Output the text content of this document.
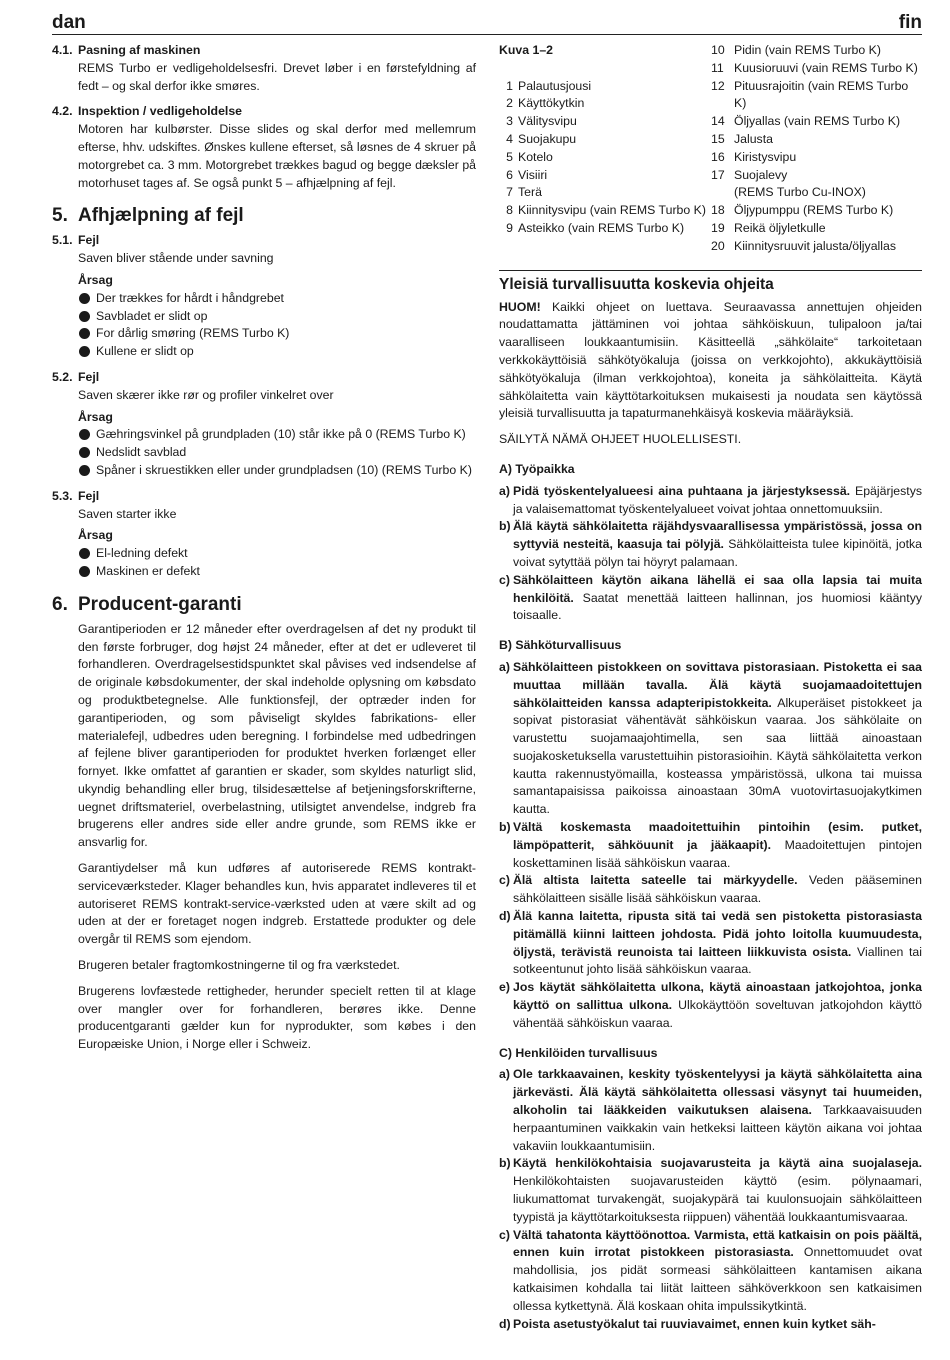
dan	fin
4.1. Pasning af maskinen

REMS Turbo er vedligeholdelsesfri. Drevet løber i en førstefyldning af fedt – og skal derfor ikke smøres.

4.2. Inspektion / vedligeholdelse

Motoren har kulbørster. Disse slides og skal derfor med mellemrum efterse, hhv. udskiftes. Ønskes kullene efterset, så løsnes de 4 skruer på motorgrebet ca. 3 mm. Motorgrebet trækkes bagud og begge dæksler på motorhuset tages af. Se også punkt 5 – afhjælpning af fejl.

5. Afhjælpning af fejl
5.1. Fejl
Saven bliver stående under savning
Årsag
Der trækkes for hårdt i håndgrebet
Savbladet er slidt op
For dårlig smøring (REMS Turbo K)
Kullene er slidt op
5.2. Fejl
Saven skærer ikke rør og profiler vinkelret over
Årsag
Gæhringsvinkel på grundpladen (10) står ikke på 0 (REMS Turbo K)
Nedslidt savblad
Spåner i skruestikken eller under grundpladsen (10) (REMS Turbo K)
5.3. Fejl
Saven starter ikke
Årsag
El-ledning defekt
Maskinen er defekt
6. Producent-garanti

Garantiperioden er 12 måneder efter overdragelsen af det ny produkt til den første forbruger, dog højst 24 måneder, efter at det er udleveret til forhandleren. Overdragelsestidspunktet skal påvises ved indsendelse af de originale købsdokumenter, der skal indeholde oplysning om købsdato og produktbetegnelse. Alle funktionsfejl, der optræder inden for garantiperioden, og som påviseligt skyldes fabrikations- eller materialefejl, udbedres uden beregning. I forbindelse med udbedringen af fejlene bliver garantiperioden for produktet hverken forlænget eller fornyet. Ikke omfattet af garantien er skader, som skyldes naturligt slid, ukyndig behandling eller brug, tilsidesættelse af betjeningsforskrifterne, uegnet driftsmateriel, overbelastning, utilsigtet anvendelse, indgreb fra brugerens eller andres side eller andre grunde, som REMS ikke er ansvarlig for.

Garantiydelser må kun udføres af autoriserede REMS kontrakt-serviceværksteder. Klager behandles kun, hvis apparatet indleveres til et autoriseret REMS kontrakt-service-værksted uden at være skilt ad og uden at der er foretaget nogen indgreb. Erstattede produkter og dele overgår til REMS som ejendom.

Brugeren betaler fragtomkostningerne til og fra værkstedet.

Brugerens lovfæstede rettigheder, herunder specielt retten til at klage over mangler over for forhandleren, berøres ikke. Denne producentgaranti gælder kun for nyprodukter, som købes i den Europæiske Union, i Norge eller i Schweiz.

Kuva 1–2
1 Palautusjousi
2 Käyttökytkin
3 Välitysvipu
4 Suojakupu
5 Kotelo
6 Visiiri
7 Terä
8 Kiinnitysvipu (vain REMS Turbo K)
9 Asteikko (vain REMS Turbo K)
10 Pidin (vain REMS Turbo K)
11 Kuusioruuvi (vain REMS Turbo K)
12 Pituusrajoitin (vain REMS Turbo K)
14 Öljyallas (vain REMS Turbo K)
15 Jalusta
16 Kiristysvipu
17 Suojalevy
(REMS Turbo Cu-INOX)
18 Öljypumppu (REMS Turbo K)
19 Reikä öljyletkulle
20 Kiinnitysruuvit jalusta/öljyallas
Yleisiä turvallisuutta koskevia ohjeita

HUOM! Kaikki ohjeet on luettava. Seuraavassa annettujen ohjeiden noudattamatta jättäminen voi johtaa sähköiskuun, tulipaloon ja/tai vaaralliseen loukkaantumisiin. Käsitteellä „sähkölaite“ tarkoitetaan verkkokäyttöisiä sähkötyökaluja (joissa on verkkojohto), akkukäyttöisiä sähkötyökaluja (ilman verkkojohtoa), koneita ja sähkölaitteita. Käytä sähkölaitetta vain käyttötarkoituksen mukaisesti ja noudata sen käytössä yleisiä turvallisuutta ja tapaturmanehkäisyä koskevia määräyksiä.

SÄILYTÄ NÄMÄ OHJEET HUOLELLISESTI.

A) Työpaikka
a) Pidä työskentelyalueesi aina puhtaana ja järjestyksessä. Epäjärjestys ja valaisemattomat työskentelyalueet voivat johtaa onnettomuuksiin.
b) Älä käytä sähkölaitetta räjähdysvaarallisessa ympäristössä, jossa on syttyviä nesteitä, kaasuja tai pölyjä. Sähkölaitteista tulee kipinöitä, jotka voivat sytyttää pölyn tai höyryt palamaan.
c) Sähkölaitteen käytön aikana lähellä ei saa olla lapsia tai muita henkilöitä. Saatat menettää laitteen hallinnan, jos huomiosi kääntyy toisaalle.
B) Sähköturvallisuus
a) Sähkölaitteen pistokkeen on sovittava pistorasiaan. Pistoketta ei saa muuttaa millään tavalla. Älä käytä suojamaadoitettujen sähkölaitteiden kanssa adapteripistokkeita. Alkuperäiset pistokkeet ja sopivat pistorasiat vähentävät sähköiskun vaaraa. Jos sähkölaite on varustettu suojamaajohtimella, sen saa liittää ainoastaan suojakosketuksella varustettuihin pistorasioihin. Käytä sähkölaitetta verkon kautta rakennustyömailla, kosteassa ympäristössä, ulkona tai muissa samantapaisissa paikoissa ainoastaan 30mA vuotovirtasuojakytkimen kautta.
b) Vältä koskemasta maadoitettuihin pintoihin (esim. putket, lämpöpatterit, sähköuunit ja jääkaapit). Maadoitettujen pintojen koskettaminen lisää sähköiskun vaaraa.
c) Älä altista laitetta sateelle tai märkyydelle. Veden pääseminen sähkölaitteen sisälle lisää sähköiskun vaaraa.
d) Älä kanna laitetta, ripusta sitä tai vedä sen pistoketta pistorasiasta pitämällä kiinni laitteen johdosta. Pidä johto loitolla kuumuudesta, öljystä, terävistä reunoista tai laitteen liikkuvista osista. Viallinen tai sotkeentunut johto lisää sähköiskun vaaraa.
e) Jos käytät sähkölaitetta ulkona, käytä ainoastaan jatkojohtoa, jonka käyttö on sallittua ulkona. Ulkokäyttöön soveltuvan jatkojohdon käyttö vähentää sähköiskun vaaraa.
C) Henkilöiden turvallisuus
a) Ole tarkkaavainen, keskity työskentelyysi ja käytä sähkölaitetta aina järkevästi. Älä käytä sähkölaitetta ollessasi väsynyt tai huumeiden, alkoholin tai lääkkeiden vaikutuksen alaisena. Tarkkaavaisuuden herpaantuminen vaikkakin vain hetkeksi laitteen käytön aikana voi johtaa vakaviin loukkaantumisiin.
b) Käytä henkilökohtaisia suojavarusteita ja käytä aina suojalaseja. Henkilökohtaisten suojavarusteiden käyttö (esim. pölynaamari, liukumattomat turvakengät, suojakypärä tai kuulonsuojain sähkölaitteen tyypistä ja käyttötarkoituksesta riippuen) vähentää loukkaantumisvaaraa.
c) Vältä tahatonta käyttöönottoa. Varmista, että katkaisin on pois päältä, ennen kuin irrotat pistokkeen pistorasiasta. Onnettomuudet ovat mahdollisia, jos pidät sormeasi sähkölaitteen kantamisen aikana katkaisimen kohdalla tai liität laitteen sähköverkkoon sen katkaisimen ollessa kytkettynä. Älä koskaan ohita impulssikytkintä.
d) Poista asetustyökalut tai ruuviavaimet, ennen kuin kytket säh-
